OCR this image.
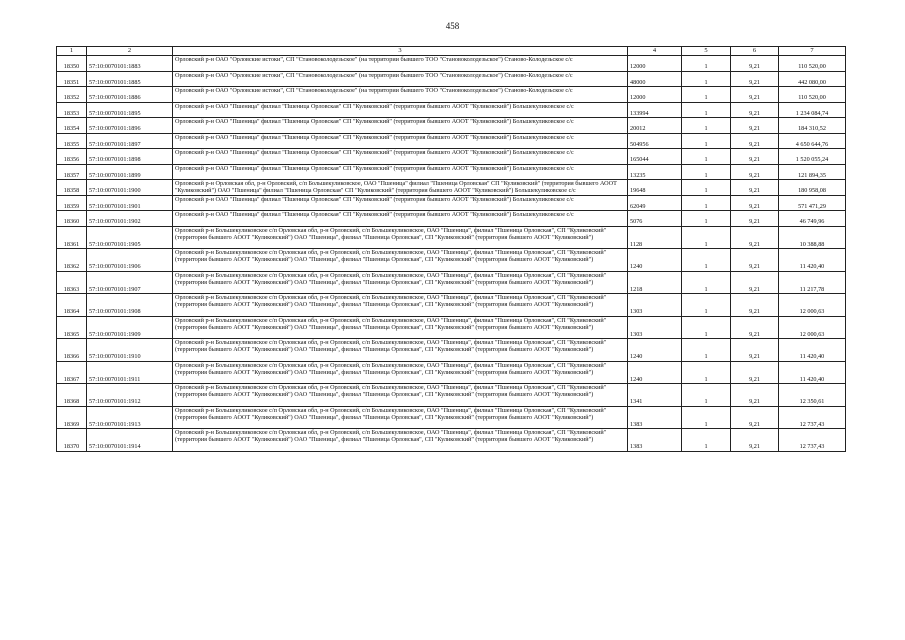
458
1	2	3	4	5	6	7
18350	57:10:0070101:1883	Орловский р-н ОАО "Орловские истоки", СП "Становоколодезьское" (на территории бывшего ТОО "Становоколодезьское") Станово-Колодезьское с/с	12000	1	9,21	110 520,00
18351	57:10:0070101:1885	Орловский р-н ОАО "Орловские истоки", СП "Становоколодезьское" (на территории бывшего ТОО "Становоколодезьское") Станово-Колодезьское с/с	48000	1	9,21	442 080,00
18352	57:10:0070101:1886	Орловский р-н ОАО "Орловские истоки", СП "Становоколодезьское" (на территории бывшего ТОО "Становоколодезьское") Станово-Колодезьское с/с	12000	1	9,21	110 520,00
18353	57:10:0070101:1895	Орловский р-н ОАО "Пшеница" филиал "Пшеница Орловская" СП "Куликовский" (территория бывшего АООТ "Куликовский") Большекуликовское с/с	133994	1	9,21	1 234 084,74
18354	57:10:0070101:1896	Орловский р-н ОАО "Пшеница" филиал "Пшеница Орловская" СП "Куликовский" (территория бывшего АООТ "Куликовский") Большекуликовское с/с	20012	1	9,21	184 310,52
18355	57:10:0070101:1897	Орловский р-н ОАО "Пшеница" филиал "Пшеница Орловская" СП "Куликовский" (территория бывшего АООТ "Куликовский") Большекуликовское с/с	504956	1	9,21	4 650 644,76
18356	57:10:0070101:1898	Орловский р-н ОАО "Пшеница" филиал "Пшеница Орловская" СП "Куликовский" (территория бывшего АООТ "Куликовский") Большекуликовское с/с	165044	1	9,21	1 520 055,24
18357	57:10:0070101:1899	Орловский р-н ОАО "Пшеница" филиал "Пшеница Орловская" СП "Куликовский" (территория бывшего АООТ "Куликовский") Большекуликовское с/с	13235	1	9,21	121 894,35
18358	57:10:0070101:1900	Орловский р-н Орловская обл, р-н Орловский, с/п Большекуликовское, ОАО "Пшеница" филиал "Пшеница Орловская" СП "Куликовский" (территория бывшего АООТ "Куликовский") ОАО "Пшеница" филиал "Пшеница Орловская" СП "Куликовский" (территория бывшего АООТ "Куликовский") Большекуликовское с/с	19648	1	9,21	180 958,08
18359	57:10:0070101:1901	Орловский р-н ОАО "Пшеница" филиал "Пшеница Орловская" СП "Куликовский" (территория бывшего АООТ "Куликовский") Большекуликовское с/с	62049	1	9,21	571 471,29
18360	57:10:0070101:1902	Орловский р-н ОАО "Пшеница" филиал "Пшеница Орловская" СП "Куликовский" (территория бывшего АООТ "Куликовский") Большекуликовское с/с	5076	1	9,21	46 749,96
18361	57:10:0070101:1905	Орловский р-н Большекуликовское с/п Орловская обл, р-н Орловский, с/п Большекуликовское, ОАО "Пшеница", филиал "Пшеница Орловская", СП "Куликовский" (территория бывшего АООТ "Куликовский") ОАО "Пшеница", филиал "Пшеница Орловская", СП "Куликовский" (территория бывшего АООТ "Куликовский")	1128	1	9,21	10 388,88
18362	57:10:0070101:1906	Орловский р-н Большекуликовское с/п Орловская обл, р-н Орловский, с/п Большекуликовское, ОАО "Пшеница", филиал "Пшеница Орловская", СП "Куликовский" (территория бывшего АООТ "Куликовский") ОАО "Пшеница", филиал "Пшеница Орловская", СП "Куликовский" (территория бывшего АООТ "Куликовский")	1240	1	9,21	11 420,40
18363	57:10:0070101:1907	Орловский р-н Большекуликовское с/п Орловская обл, р-н Орловский, с/п Большекуликовское, ОАО "Пшеница", филиал "Пшеница Орловская", СП "Куликовский" (территория бывшего АООТ "Куликовский") ОАО "Пшеница", филиал "Пшеница Орловская", СП "Куликовский" (территория бывшего АООТ "Куликовский")	1218	1	9,21	11 217,78
18364	57:10:0070101:1908	Орловский р-н Большекуликовское с/п Орловская обл, р-н Орловский, с/п Большекуликовское, ОАО "Пшеница", филиал "Пшеница Орловская", СП "Куликовский" (территория бывшего АООТ "Куликовский") ОАО "Пшеница", филиал "Пшеница Орловская", СП "Куликовский" (территория бывшего АООТ "Куликовский")	1303	1	9,21	12 000,63
18365	57:10:0070101:1909	Орловский р-н Большекуликовское с/п Орловская обл, р-н Орловский, с/п Большекуликовское, ОАО "Пшеница", филиал "Пшеница Орловская", СП "Куликовский" (территория бывшего АООТ "Куликовский") ОАО "Пшеница", филиал "Пшеница Орловская", СП "Куликовский" (территория бывшего АООТ "Куликовский")	1303	1	9,21	12 000,63
18366	57:10:0070101:1910	Орловский р-н Большекуликовское с/п Орловская обл, р-н Орловский, с/п Большекуликовское, ОАО "Пшеница", филиал "Пшеница Орловская", СП "Куликовский" (территория бывшего АООТ "Куликовский") ОАО "Пшеница", филиал "Пшеница Орловская", СП "Куликовский" (территория бывшего АООТ "Куликовский")	1240	1	9,21	11 420,40
18367	57:10:0070101:1911	Орловский р-н Большекуликовское с/п Орловская обл, р-н Орловский, с/п Большекуликовское, ОАО "Пшеница", филиал "Пшеница Орловская", СП "Куликовский" (территория бывшего АООТ "Куликовский") ОАО "Пшеница", филиал "Пшеница Орловская", СП "Куликовский" (территория бывшего АООТ "Куликовский")	1240	1	9,21	11 420,40
18368	57:10:0070101:1912	Орловский р-н Большекуликовское с/п Орловская обл, р-н Орловский, с/п Большекуликовское, ОАО "Пшеница", филиал "Пшеница Орловская", СП "Куликовский" (территория бывшего АООТ "Куликовский") ОАО "Пшеница", филиал "Пшеница Орловская", СП "Куликовский" (территория бывшего АООТ "Куликовский")	1341	1	9,21	12 350,61
18369	57:10:0070101:1913	Орловский р-н Большекуликовское с/п Орловская обл, р-н Орловский, с/п Большекуликовское, ОАО "Пшеница", филиал "Пшеница Орловская", СП "Куликовский" (территория бывшего АООТ "Куликовский") ОАО "Пшеница", филиал "Пшеница Орловская", СП "Куликовский" (территория бывшего АООТ "Куликовский")	1383	1	9,21	12 737,43
18370	57:10:0070101:1914	Орловский р-н Большекуликовское с/п Орловская обл, р-н Орловский, с/п Большекуликовское, ОАО "Пшеница", филиал "Пшеница Орловская", СП "Куликовский" (территория бывшего АООТ "Куликовский") ОАО "Пшеница", филиал "Пшеница Орловская", СП "Куликовский" (территория бывшего АООТ "Куликовский")	1383	1	9,21	12 737,43
